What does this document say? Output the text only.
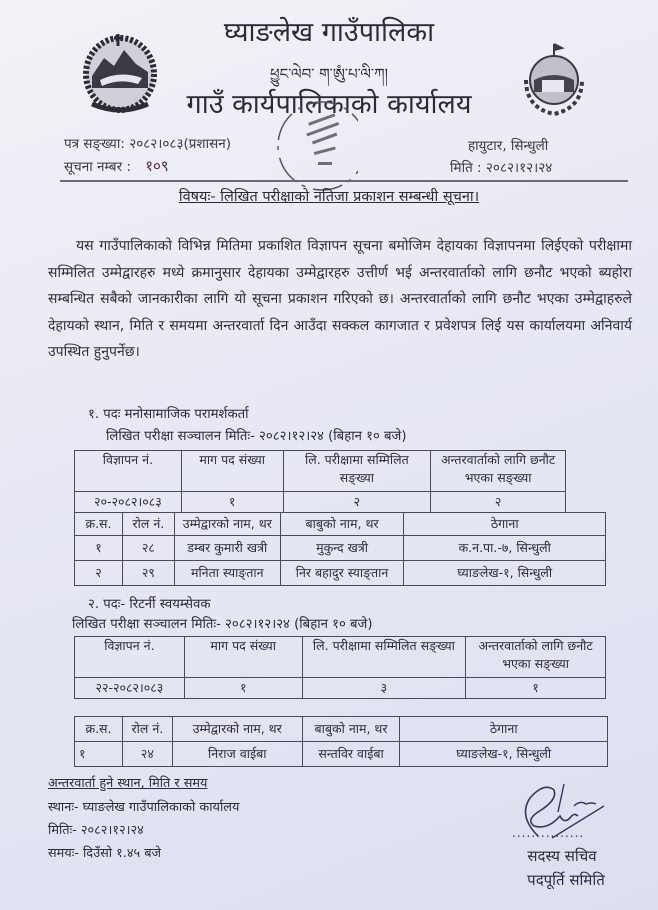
घ्याङलेख गाउँपालिका
ཕྱུང་ལེབ་ ག་ཨུཾ་པ་ལི་ཀ།
गाउँ कार्यपालिकाको कार्यालय
पत्र सङ्ख्या: २०८२।०८३(प्रशासन)
सूचना नम्बर : १०९
हायुटार, सिन्धुली
मिति : २०८२।१२।२४
विषयः- लिखित परीक्षाको नतिजा प्रकाशन सम्बन्धी सूचना।
यस गाउँपालिकाको विभिन्न मितिमा प्रकाशित विज्ञापन सूचना बमोजिम देहायका विज्ञापनमा लिईएको परीक्षामा सम्मिलित उम्मेद्वारहरु मध्ये क्रमानुसार देहायका उम्मेद्वारहरु उत्तीर्ण भई अन्तरवार्ताको लागि छनौट भएको ब्यहोरा सम्बन्धित सबैको जानकारीका लागि यो सूचना प्रकाशन गरिएको छ। अन्तरवार्ताको लागि छनौट भएका उम्मेद्वाहरुले देहायको स्थान, मिति र समयमा अन्तरवार्ता दिन आउँदा सक्कल कागजात र प्रवेशपत्र लिई यस कार्यालयमा अनिवार्य उपस्थित हुनुपर्नेछ।
१. पदः मनोसामाजिक परामर्शकर्ता
लिखित परीक्षा सञ्चालन मितिः- २०८२।१२।२४ (बिहान १० बजे)
विज्ञापन नं.	माग पद संख्या	लि. परीक्षामा सम्मिलित सङ्ख्या	अन्तरवार्ताको लागि छनौट भएका सङ्ख्या
२०-२०८२।०८३	१	२	२
क्र.स.	रोल नं.	उम्मेद्वारको नाम, थर	बाबुको नाम, थर	ठेगाना
१	२८	डम्बर कुमारी खत्री	मुकुन्द खत्री	क.न.पा.-७, सिन्धुली
२	२९	मनिता स्याङ्तान	निर बहादुर स्याङ्तान	घ्याङलेख-१, सिन्धुली
२. पदः- रिटर्नी स्वयम्सेवक
लिखित परीक्षा सञ्चालन मितिः- २०८२।१२।२४ (बिहान १० बजे)
विज्ञापन नं.	माग पद संख्या	लि. परीक्षामा सम्मिलित सङ्ख्या	अन्तरवार्ताको लागि छनौट भएका सङ्ख्या
२२-२०८२।०८३	१	३	१
क्र.स.	रोल नं.	उम्मेद्वारको नाम, थर	बाबुको नाम, थर	ठेगाना
१	२४	निराज वाईबा	सन्तविर वाईबा	घ्याङलेख-१, सिन्धुली
अन्तरवार्ता हुने स्थान, मिति र समय
स्थानः- घ्याङलेख गाउँपालिकाको कार्यालय
मितिः- २०८२।१२।२४
समयः- दिउँसो १.४५ बजे
...............
सदस्य सचिव
पदपूर्ति समिति
